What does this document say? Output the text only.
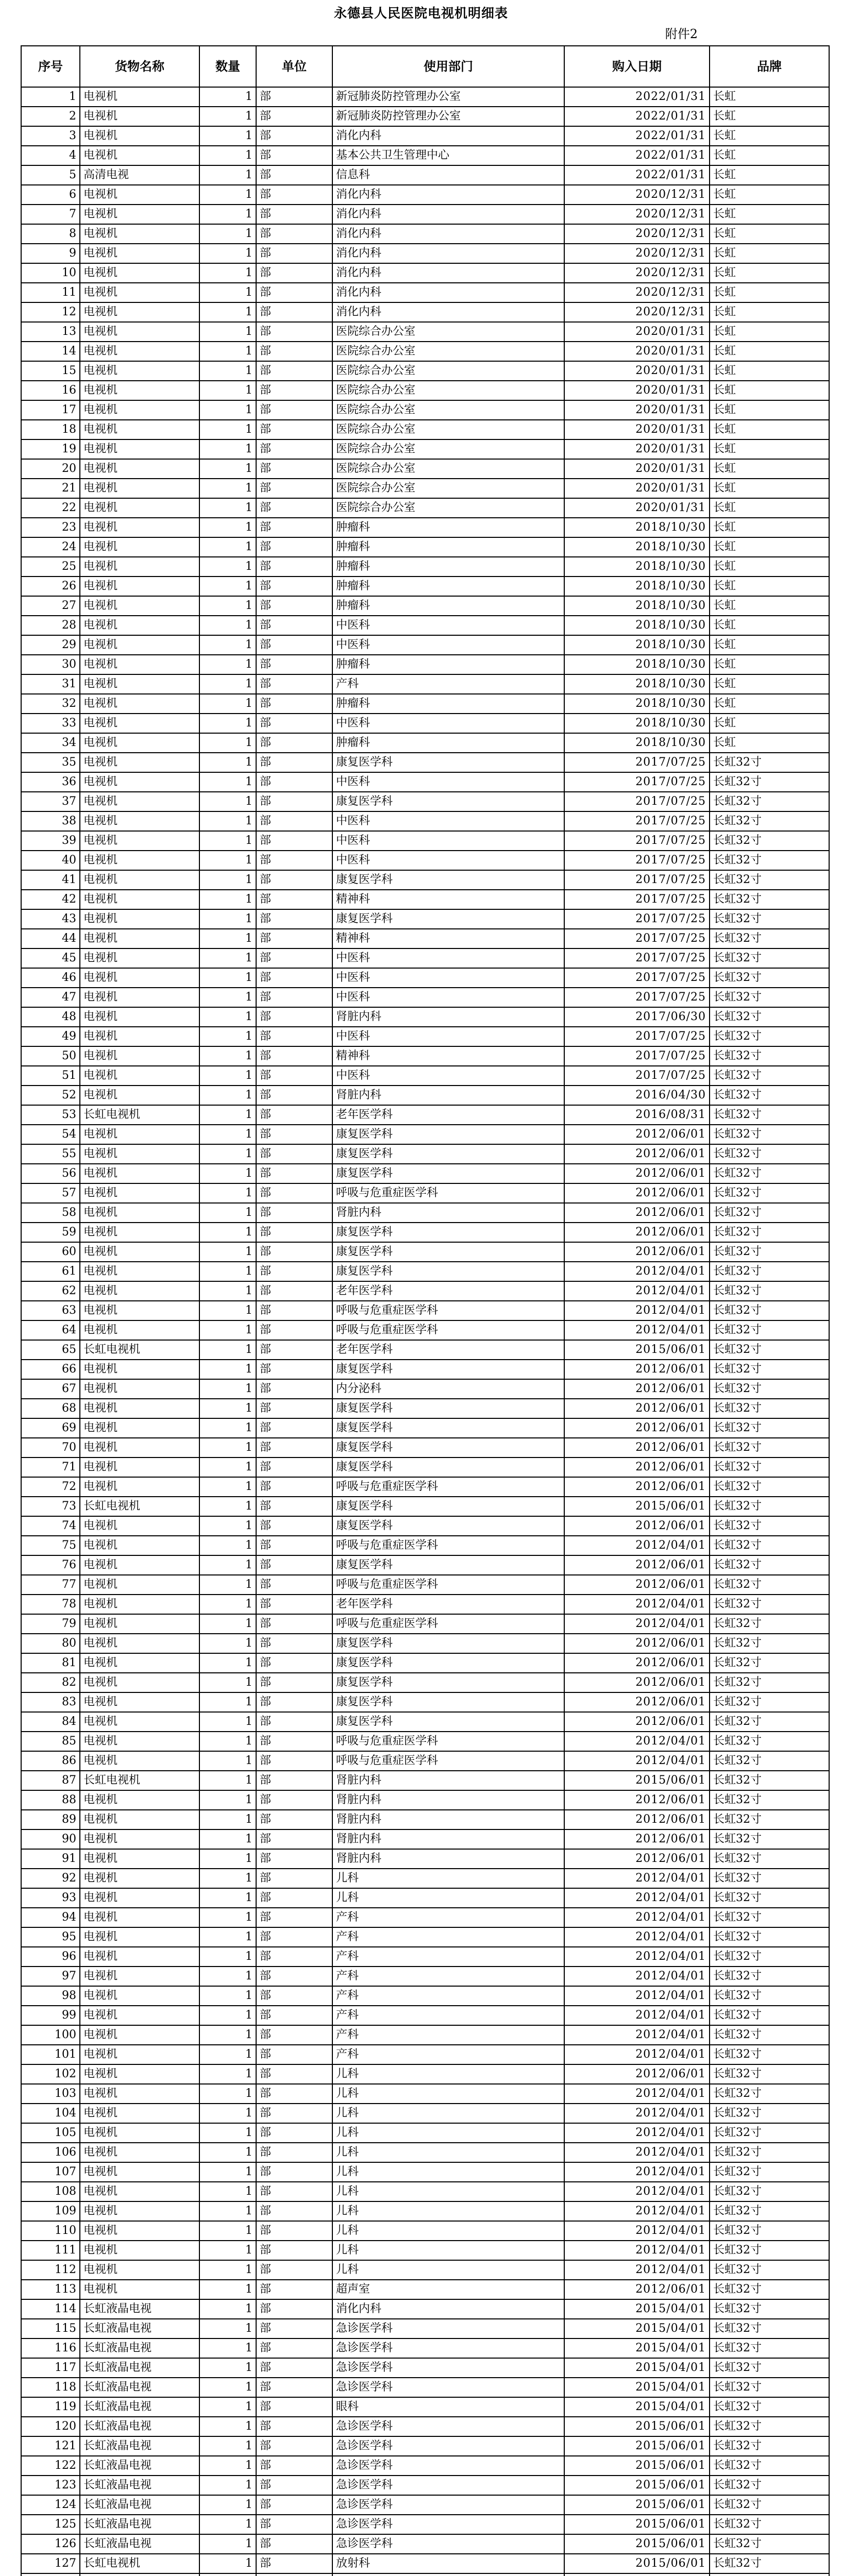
永德县人民医院电视机明细表
附件2
序号	货物名称	数量	单位	使用部门	购入日期	品牌
1	电视机	1	部	新冠肺炎防控管理办公室	2022/01/31	长虹
2	电视机	1	部	新冠肺炎防控管理办公室	2022/01/31	长虹
3	电视机	1	部	消化内科	2022/01/31	长虹
4	电视机	1	部	基本公共卫生管理中心	2022/01/31	长虹
5	高清电视	1	部	信息科	2022/01/31	长虹
6	电视机	1	部	消化内科	2020/12/31	长虹
7	电视机	1	部	消化内科	2020/12/31	长虹
8	电视机	1	部	消化内科	2020/12/31	长虹
9	电视机	1	部	消化内科	2020/12/31	长虹
10	电视机	1	部	消化内科	2020/12/31	长虹
11	电视机	1	部	消化内科	2020/12/31	长虹
12	电视机	1	部	消化内科	2020/12/31	长虹
13	电视机	1	部	医院综合办公室	2020/01/31	长虹
14	电视机	1	部	医院综合办公室	2020/01/31	长虹
15	电视机	1	部	医院综合办公室	2020/01/31	长虹
16	电视机	1	部	医院综合办公室	2020/01/31	长虹
17	电视机	1	部	医院综合办公室	2020/01/31	长虹
18	电视机	1	部	医院综合办公室	2020/01/31	长虹
19	电视机	1	部	医院综合办公室	2020/01/31	长虹
20	电视机	1	部	医院综合办公室	2020/01/31	长虹
21	电视机	1	部	医院综合办公室	2020/01/31	长虹
22	电视机	1	部	医院综合办公室	2020/01/31	长虹
23	电视机	1	部	肿瘤科	2018/10/30	长虹
24	电视机	1	部	肿瘤科	2018/10/30	长虹
25	电视机	1	部	肿瘤科	2018/10/30	长虹
26	电视机	1	部	肿瘤科	2018/10/30	长虹
27	电视机	1	部	肿瘤科	2018/10/30	长虹
28	电视机	1	部	中医科	2018/10/30	长虹
29	电视机	1	部	中医科	2018/10/30	长虹
30	电视机	1	部	肿瘤科	2018/10/30	长虹
31	电视机	1	部	产科	2018/10/30	长虹
32	电视机	1	部	肿瘤科	2018/10/30	长虹
33	电视机	1	部	中医科	2018/10/30	长虹
34	电视机	1	部	肿瘤科	2018/10/30	长虹
35	电视机	1	部	康复医学科	2017/07/25	长虹32寸
36	电视机	1	部	中医科	2017/07/25	长虹32寸
37	电视机	1	部	康复医学科	2017/07/25	长虹32寸
38	电视机	1	部	中医科	2017/07/25	长虹32寸
39	电视机	1	部	中医科	2017/07/25	长虹32寸
40	电视机	1	部	中医科	2017/07/25	长虹32寸
41	电视机	1	部	康复医学科	2017/07/25	长虹32寸
42	电视机	1	部	精神科	2017/07/25	长虹32寸
43	电视机	1	部	康复医学科	2017/07/25	长虹32寸
44	电视机	1	部	精神科	2017/07/25	长虹32寸
45	电视机	1	部	中医科	2017/07/25	长虹32寸
46	电视机	1	部	中医科	2017/07/25	长虹32寸
47	电视机	1	部	中医科	2017/07/25	长虹32寸
48	电视机	1	部	肾脏内科	2017/06/30	长虹32寸
49	电视机	1	部	中医科	2017/07/25	长虹32寸
50	电视机	1	部	精神科	2017/07/25	长虹32寸
51	电视机	1	部	中医科	2017/07/25	长虹32寸
52	电视机	1	部	肾脏内科	2016/04/30	长虹32寸
53	长虹电视机	1	部	老年医学科	2016/08/31	长虹32寸
54	电视机	1	部	康复医学科	2012/06/01	长虹32寸
55	电视机	1	部	康复医学科	2012/06/01	长虹32寸
56	电视机	1	部	康复医学科	2012/06/01	长虹32寸
57	电视机	1	部	呼吸与危重症医学科	2012/06/01	长虹32寸
58	电视机	1	部	肾脏内科	2012/06/01	长虹32寸
59	电视机	1	部	康复医学科	2012/06/01	长虹32寸
60	电视机	1	部	康复医学科	2012/06/01	长虹32寸
61	电视机	1	部	康复医学科	2012/04/01	长虹32寸
62	电视机	1	部	老年医学科	2012/04/01	长虹32寸
63	电视机	1	部	呼吸与危重症医学科	2012/04/01	长虹32寸
64	电视机	1	部	呼吸与危重症医学科	2012/04/01	长虹32寸
65	长虹电视机	1	部	老年医学科	2015/06/01	长虹32寸
66	电视机	1	部	康复医学科	2012/06/01	长虹32寸
67	电视机	1	部	内分泌科	2012/06/01	长虹32寸
68	电视机	1	部	康复医学科	2012/06/01	长虹32寸
69	电视机	1	部	康复医学科	2012/06/01	长虹32寸
70	电视机	1	部	康复医学科	2012/06/01	长虹32寸
71	电视机	1	部	康复医学科	2012/06/01	长虹32寸
72	电视机	1	部	呼吸与危重症医学科	2012/06/01	长虹32寸
73	长虹电视机	1	部	康复医学科	2015/06/01	长虹32寸
74	电视机	1	部	康复医学科	2012/06/01	长虹32寸
75	电视机	1	部	呼吸与危重症医学科	2012/04/01	长虹32寸
76	电视机	1	部	康复医学科	2012/06/01	长虹32寸
77	电视机	1	部	呼吸与危重症医学科	2012/06/01	长虹32寸
78	电视机	1	部	老年医学科	2012/04/01	长虹32寸
79	电视机	1	部	呼吸与危重症医学科	2012/04/01	长虹32寸
80	电视机	1	部	康复医学科	2012/06/01	长虹32寸
81	电视机	1	部	康复医学科	2012/06/01	长虹32寸
82	电视机	1	部	康复医学科	2012/06/01	长虹32寸
83	电视机	1	部	康复医学科	2012/06/01	长虹32寸
84	电视机	1	部	康复医学科	2012/06/01	长虹32寸
85	电视机	1	部	呼吸与危重症医学科	2012/04/01	长虹32寸
86	电视机	1	部	呼吸与危重症医学科	2012/04/01	长虹32寸
87	长虹电视机	1	部	肾脏内科	2015/06/01	长虹32寸
88	电视机	1	部	肾脏内科	2012/06/01	长虹32寸
89	电视机	1	部	肾脏内科	2012/06/01	长虹32寸
90	电视机	1	部	肾脏内科	2012/06/01	长虹32寸
91	电视机	1	部	肾脏内科	2012/06/01	长虹32寸
92	电视机	1	部	儿科	2012/04/01	长虹32寸
93	电视机	1	部	儿科	2012/04/01	长虹32寸
94	电视机	1	部	产科	2012/04/01	长虹32寸
95	电视机	1	部	产科	2012/04/01	长虹32寸
96	电视机	1	部	产科	2012/04/01	长虹32寸
97	电视机	1	部	产科	2012/04/01	长虹32寸
98	电视机	1	部	产科	2012/04/01	长虹32寸
99	电视机	1	部	产科	2012/04/01	长虹32寸
100	电视机	1	部	产科	2012/04/01	长虹32寸
101	电视机	1	部	产科	2012/04/01	长虹32寸
102	电视机	1	部	儿科	2012/06/01	长虹32寸
103	电视机	1	部	儿科	2012/04/01	长虹32寸
104	电视机	1	部	儿科	2012/04/01	长虹32寸
105	电视机	1	部	儿科	2012/04/01	长虹32寸
106	电视机	1	部	儿科	2012/04/01	长虹32寸
107	电视机	1	部	儿科	2012/04/01	长虹32寸
108	电视机	1	部	儿科	2012/04/01	长虹32寸
109	电视机	1	部	儿科	2012/04/01	长虹32寸
110	电视机	1	部	儿科	2012/04/01	长虹32寸
111	电视机	1	部	儿科	2012/04/01	长虹32寸
112	电视机	1	部	儿科	2012/04/01	长虹32寸
113	电视机	1	部	超声室	2012/06/01	长虹32寸
114	长虹液晶电视	1	部	消化内科	2015/04/01	长虹32寸
115	长虹液晶电视	1	部	急诊医学科	2015/04/01	长虹32寸
116	长虹液晶电视	1	部	急诊医学科	2015/04/01	长虹32寸
117	长虹液晶电视	1	部	急诊医学科	2015/04/01	长虹32寸
118	长虹液晶电视	1	部	急诊医学科	2015/04/01	长虹32寸
119	长虹液晶电视	1	部	眼科	2015/04/01	长虹32寸
120	长虹液晶电视	1	部	急诊医学科	2015/06/01	长虹32寸
121	长虹液晶电视	1	部	急诊医学科	2015/06/01	长虹32寸
122	长虹液晶电视	1	部	急诊医学科	2015/06/01	长虹32寸
123	长虹液晶电视	1	部	急诊医学科	2015/06/01	长虹32寸
124	长虹液晶电视	1	部	急诊医学科	2015/06/01	长虹32寸
125	长虹液晶电视	1	部	急诊医学科	2015/06/01	长虹32寸
126	长虹液晶电视	1	部	急诊医学科	2015/06/01	长虹32寸
127	长虹电视机	1	部	放射科	2015/06/01	长虹32寸
